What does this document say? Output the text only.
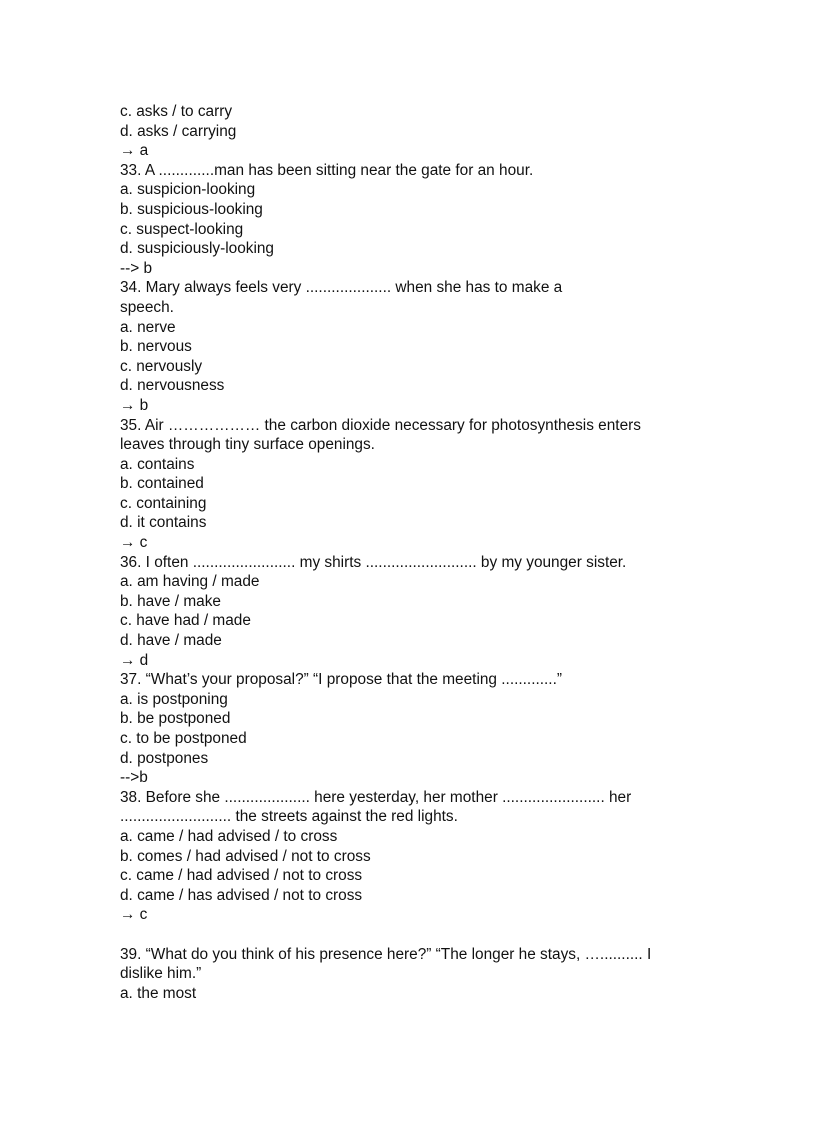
c. asks / to carry
d. asks / carrying
→ a
33. A .............man has been sitting near the gate for an hour.
a. suspicion-looking
b. suspicious-looking
c. suspect-looking
d. suspiciously-looking
--> b
34. Mary always feels very .................... when she has to make a
speech.
a. nerve
b. nervous
c. nervously
d. nervousness
→ b
35. Air ……………… the carbon dioxide necessary for photosynthesis enters
leaves through tiny surface openings.
a. contains
b. contained
c. containing
d. it contains
→ c
36. I often ........................ my shirts .......................... by my younger sister.
a. am having / made
b. have / make
c. have had / made
d. have / made
→ d
37. “What’s your proposal?” “I propose that the meeting .............”
a. is postponing
b. be postponed
c. to be postponed
d. postpones
-->b
38. Before she .................... here yesterday, her mother ........................ her
.......................... the streets against the red lights.
a. came / had advised / to cross
b. comes / had advised / not to cross
c. came / had advised / not to cross
d. came / has advised / not to cross
→ c
39. “What do you think of his presence here?” “The longer he stays, ….......... I
dislike him.”
a. the most
